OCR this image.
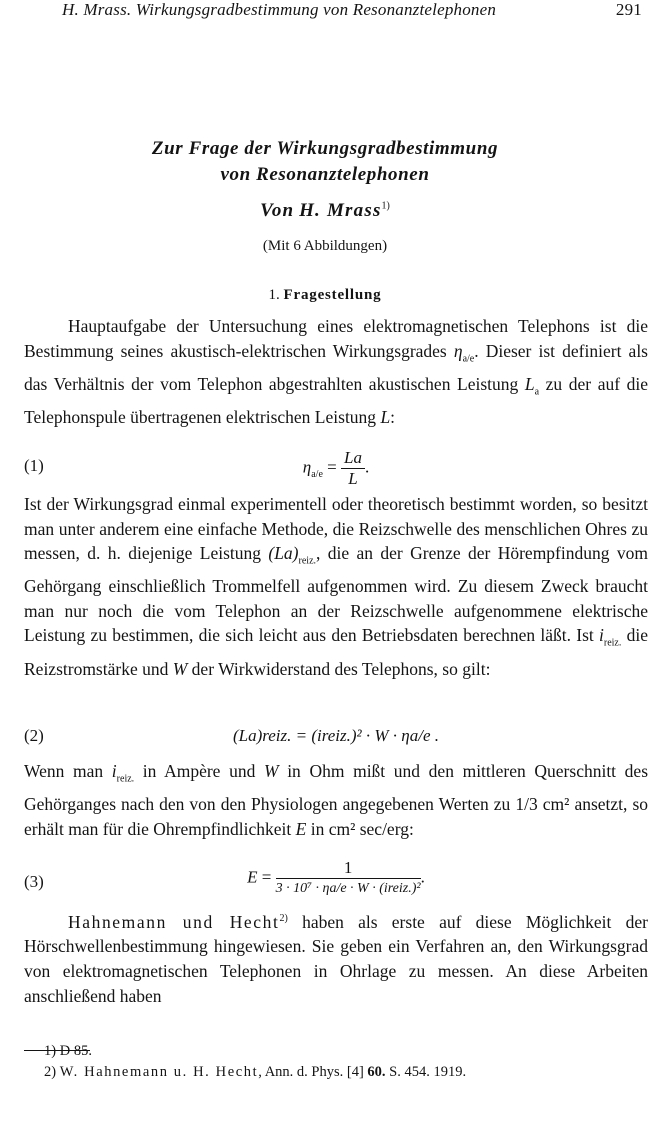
H. Mrass. Wirkungsgradbestimmung von Resonanztelephonen	291
Zur Frage der Wirkungsgradbestimmung
von Resonanztelephonen
Von H. Mrass$^{1)}$
(Mit 6 Abbildungen)
1. Fragestellung

Hauptaufgabe der Untersuchung eines elektromagnetischen Telephons ist die Bestimmung seines akustisch-elektrischen Wirkungsgrades $\eta_{a/e}$. Dieser ist definiert als das Verhältnis der vom Telephon abgestrahlten akustischen Leistung $L_a$ zu der auf die Telephonspule übertragenen elektrischen Leistung L:

(1)	$\eta_{a/e} = \frac{La}{L}$ .

Ist der Wirkungsgrad einmal experimentell oder theoretisch bestimmt worden, so besitzt man unter anderem eine einfache Methode, die Reizschwelle des menschlichen Ohres zu messen, d. h. diejenige Leistung $(La)_{reiz.}$, die an der Grenze der Hörempfindung vom Gehörgang einschließlich Trommelfell aufgenommen wird. Zu diesem Zweck braucht man nur noch die vom Telephon an der Reizschwelle aufgenommene elektrische Leistung zu bestimmen, die sich leicht aus den Betriebsdaten berechnen läßt. Ist $i_{reiz.}$ die Reizstromstärke und W der Wirkwiderstand des Telephons, so gilt:

(2)	(La)reiz. = (ireiz.)² · W · ηa/e .

Wenn man $i_{reiz.}$ in Ampère und W in Ohm mißt und den mittleren Querschnitt des Gehörganges nach den von den Physiologen angegebenen Werten zu 1/3 cm² ansetzt, so erhält man für die Ohrempfindlichkeit E in cm² sec/erg:

(3)	$E = \frac{1}{\text{3 · 10⁷ · ηa/e · W · (ireiz.)²}}$ .

Hahnemann und Hecht$^{2)}$ haben als erste auf diese Möglichkeit der Hörschwellenbestimmung hingewiesen. Sie geben ein Verfahren an, den Wirkungsgrad von elektromagnetischen Telephonen in Ohrlage zu messen. An diese Arbeiten anschließend haben

1) D 85.
2) W. Hahnemann u. H. Hecht, Ann. d. Phys. [4] 60. S. 454. 1919.
